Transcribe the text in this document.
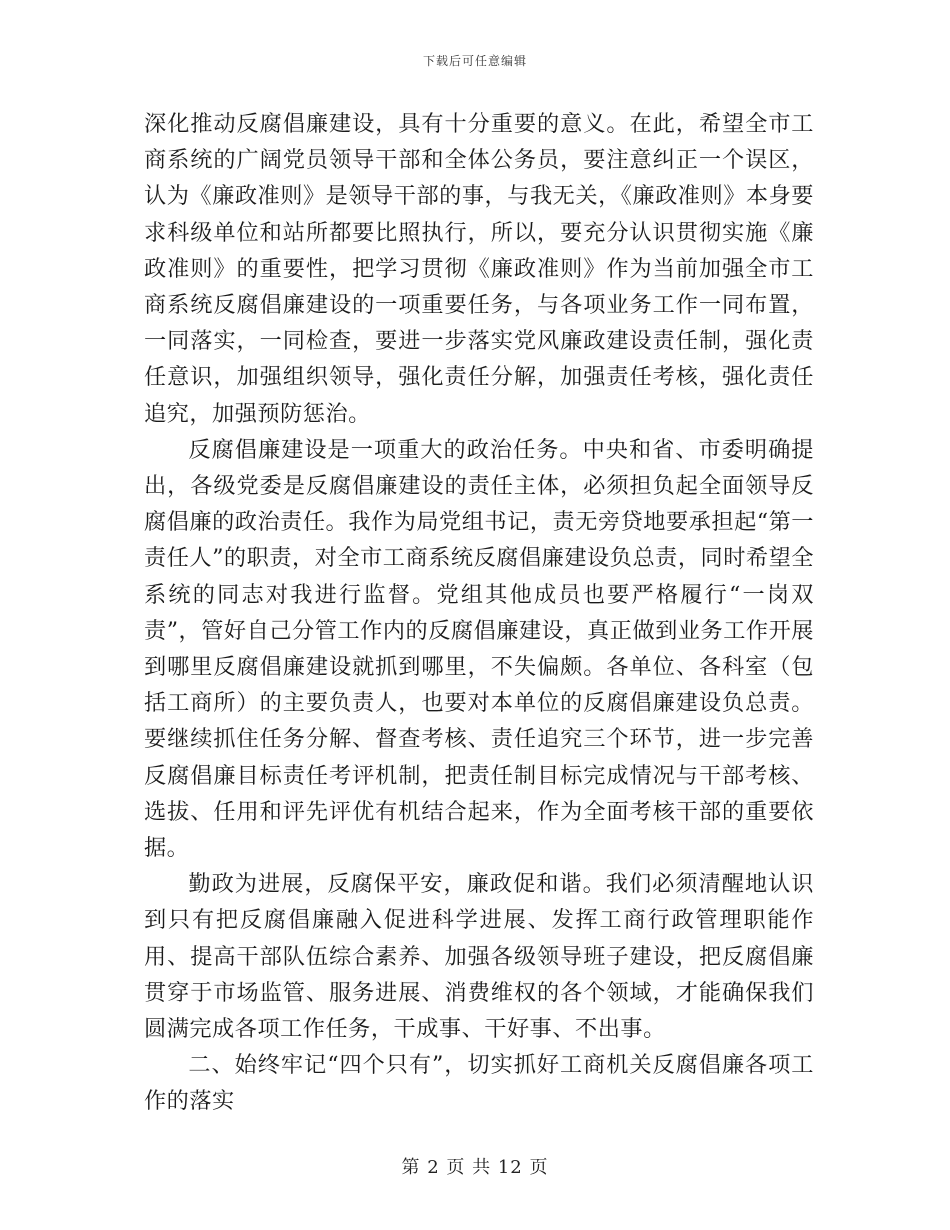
下载后可任意编辑

深化推动反腐倡廉建设，具有十分重要的意义。在此，希望全市工商系统的广阔党员领导干部和全体公务员，要注意纠正一个误区，认为《廉政准则》是领导干部的事，与我无关，《廉政准则》本身要求科级单位和站所都要比照执行，所以，要充分认识贯彻实施《廉政准则》的重要性，把学习贯彻《廉政准则》作为当前加强全市工商系统反腐倡廉建设的一项重要任务，与各项业务工作一同布置，一同落实，一同检查，要进一步落实党风廉政建设责任制，强化责任意识，加强组织领导，强化责任分解，加强责任考核，强化责任追究，加强预防惩治。

反腐倡廉建设是一项重大的政治任务。中央和省、市委明确提出，各级党委是反腐倡廉建设的责任主体，必须担负起全面领导反腐倡廉的政治责任。我作为局党组书记，责无旁贷地要承担起“第一责任人”的职责，对全市工商系统反腐倡廉建设负总责，同时希望全系统的同志对我进行监督。党组其他成员也要严格履行“一岗双责”，管好自己分管工作内的反腐倡廉建设，真正做到业务工作开展到哪里反腐倡廉建设就抓到哪里，不失偏颇。各单位、各科室（包括工商所）的主要负责人，也要对本单位的反腐倡廉建设负总责。要继续抓住任务分解、督查考核、责任追究三个环节，进一步完善反腐倡廉目标责任考评机制，把责任制目标完成情况与干部考核、选拔、任用和评先评优有机结合起来，作为全面考核干部的重要依据。

勤政为进展，反腐保平安，廉政促和谐。我们必须清醒地认识到只有把反腐倡廉融入促进科学进展、发挥工商行政管理职能作用、提高干部队伍综合素养、加强各级领导班子建设，把反腐倡廉贯穿于市场监管、服务进展、消费维权的各个领域，才能确保我们圆满完成各项工作任务，干成事、干好事、不出事。

二、始终牢记“四个只有”，切实抓好工商机关反腐倡廉各项工作的落实

第 2 页 共 12 页
